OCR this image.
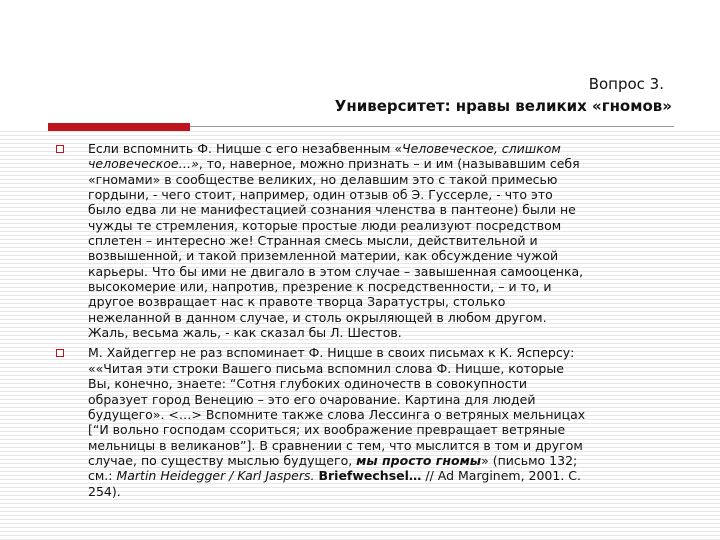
Вопрос 3.
Университет: нравы великих «гномов»
Если вспомнить Ф. Ницше с его незабвенным «Человеческое, слишком
человеческое…», то, наверное, можно признать – и им (называвшим себя
«гномами» в сообществе великих, но делавшим это с такой примесью
гордыни, - чего стоит, например, один отзыв об Э. Гуссерле, - что это
было едва ли не манифестацией сознания членства в пантеоне) были не
чужды те стремления, которые простые люди реализуют посредством
сплетен – интересно же! Странная смесь мысли, действительной и
возвышенной, и такой приземленной материи, как обсуждение чужой
карьеры. Что бы ими не двигало в этом случае – завышенная самооценка,
высокомерие или, напротив, презрение к посредственности, – и то, и
другое возвращает нас к правоте творца Заратустры, столько
нежеланной в данном случае, и столь окрыляющей в любом другом.
Жаль, весьма жаль, - как сказал бы Л. Шестов.
М. Хайдеггер не раз вспоминает Ф. Ницше в своих письмах к К. Ясперсу:
««Читая эти строки Вашего письма вспомнил слова Ф. Ницше, которые
Вы, конечно, знаете: “Сотня глубоких одиночеств в совокупности
образует город Венецию – это его очарование. Картина для людей
будущего». <…> Вспомните также слова Лессинга о ветряных мельницах
[“И вольно господам ссориться; их воображение превращает ветряные
мельницы в великанов”]. В сравнении с тем, что мыслится в том и другом
случае, по существу мыслью будущего, мы просто гномы» (письмо 132;
см.: Martin Heidegger / Karl Jaspers. Briefwechsel… // Ad Marginem, 2001. С.
254).
